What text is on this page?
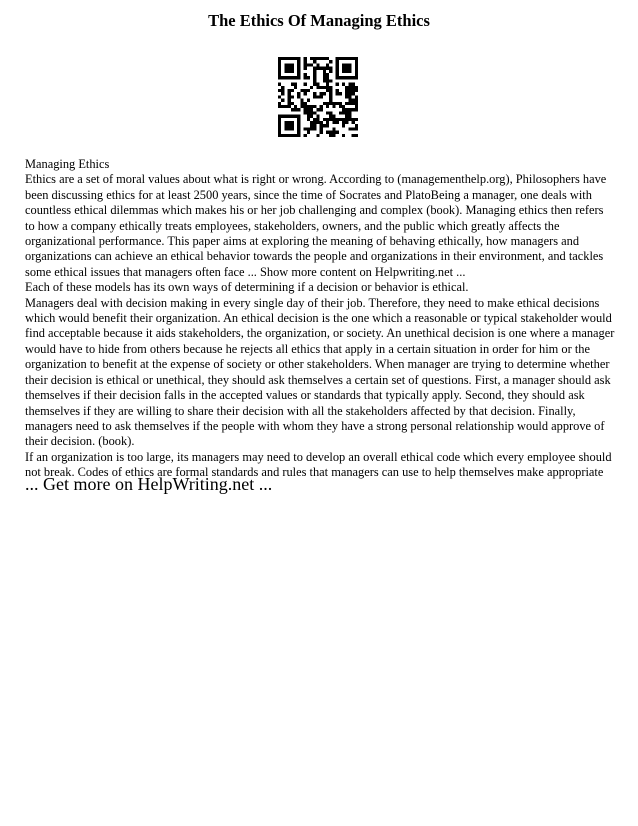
The Ethics Of Managing Ethics

Managing Ethics

Ethics are a set of moral values about what is right or wrong. According to (managementhelp.org), Philosophers have been discussing ethics for at least 2500 years, since the time of Socrates and PlatoBeing a manager, one deals with countless ethical dilemmas which makes his or her job challenging and complex (book). Managing ethics then refers to how a company ethically treats employees, stakeholders, owners, and the public which greatly affects the organizational performance. This paper aims at exploring the meaning of behaving ethically, how managers and organizations can achieve an ethical behavior towards the people and organizations in their environment, and tackles some ethical issues that managers often face ... Show more content on Helpwriting.net ...

Each of these models has its own ways of determining if a decision or behavior is ethical.

Managers deal with decision making in every single day of their job. Therefore, they need to make ethical decisions which would benefit their organization. An ethical decision is the one which a reasonable or typical stakeholder would find acceptable because it aids stakeholders, the organization, or society. An unethical decision is one where a manager would have to hide from others because he rejects all ethics that apply in a certain situation in order for him or the organization to benefit at the expense of society or other stakeholders. When manager are trying to determine whether their decision is ethical or unethical, they should ask themselves a certain set of questions. First, a manager should ask themselves if their decision falls in the accepted values or standards that typically apply. Second, they should ask themselves if they are willing to share their decision with all the stakeholders affected by that decision. Finally, managers need to ask themselves if the people with whom they have a strong personal relationship would approve of their decision. (book).

If an organization is too large, its managers may need to develop an overall ethical code which every employee should not break. Codes of ethics are formal standards and rules that managers can use to help themselves make appropriate

... Get more on HelpWriting.net ...
